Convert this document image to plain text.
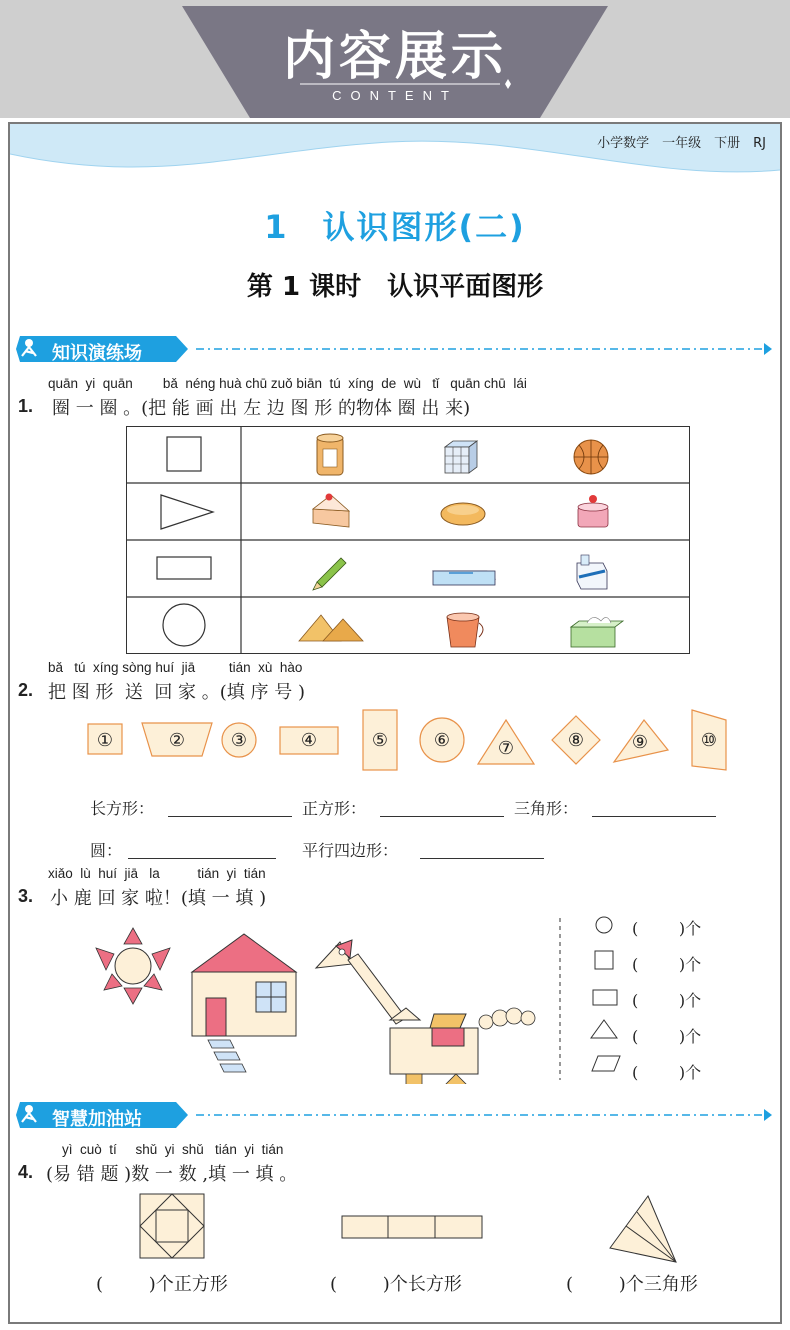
内容展示
CONTENT
小学数学　一年级　下册　RJ
1　认识图形(二)
第 1 课时　认识平面图形
知识演练场
quān  yi  quān        bǎ  néng huà chū zuǒ biān  tú  xíng  de  wù   tǐ   quān chū  lái
1. 圈 一 圈 。(把 能 画 出 左 边 图 形 的物体 圈 出 来)
bǎ   tú  xíng sòng huí  jiā         tián  xù  hào
2. 把 图 形  送  回 家 。(填 序 号 )
①	②	③	④	⑤	⑥	⑦	⑧	⑨	⑩
长方形：	正方形：	三角形：
圆：	平行四边形：
xiǎo  lù  huí  jiā   la          tián  yi  tián
3. 小 鹿 回 家 啦！(填 一 填 )
(        )个
(        )个
(        )个
(        )个
(        )个
智慧加油站
yì  cuò  tí     shǔ  yi  shǔ   tián  yi  tián
4. (易 错 题 )数 一 数 ,填 一 填 。
(        )个正方形	(        )个长方形	(        )个三角形
